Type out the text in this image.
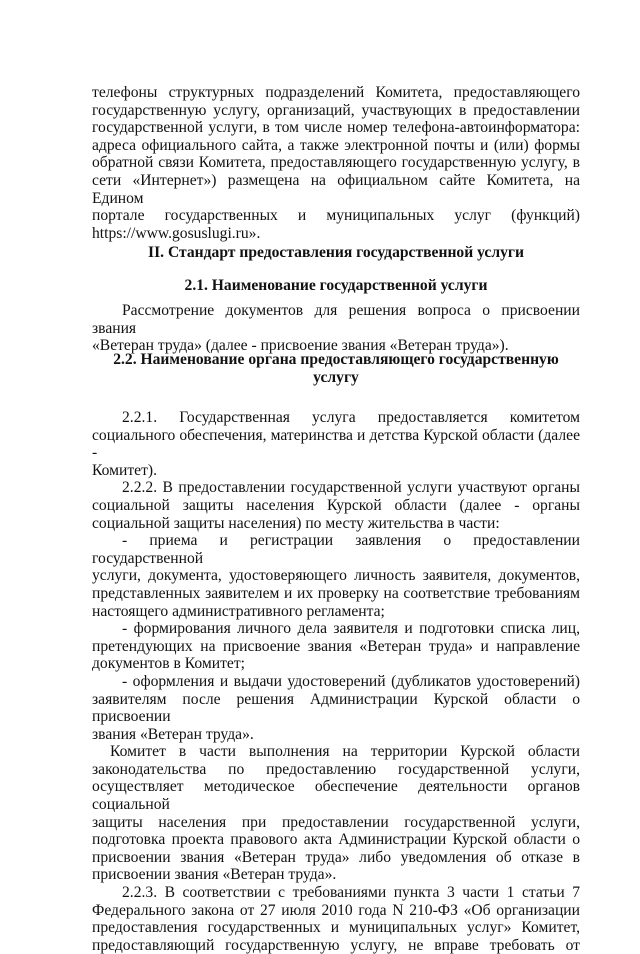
телефоны структурных подразделений Комитета, предоставляющего
государственную услугу, организаций, участвующих в предоставлении
государственной услуги, в том числе номер телефона-автоинформатора:
адреса официального сайта, а также электронной почты и (или) формы
обратной связи Комитета, предоставляющего государственную услугу, в
сети «Интернет») размещена на официальном сайте Комитета, на Едином
портале государственных и муниципальных услуг (функций)
https://www.gosuslugi.ru».
II. Стандарт предоставления государственной услуги
2.1. Наименование государственной услуги
Рассмотрение документов для решения вопроса о присвоении звания
«Ветеран труда» (далее - присвоение звания «Ветеран труда»).
2.2. Наименование органа предоставляющего государственную
услугу
2.2.1. Государственная услуга предоставляется комитетом
социального обеспечения, материнства и детства Курской области (далее -
Комитет).
2.2.2. В предоставлении государственной услуги участвуют органы
социальной защиты населения Курской области (далее - органы
социальной защиты населения) по месту жительства в части:
- приема и регистрации заявления о предоставлении государственной
услуги, документа, удостоверяющего личность заявителя, документов,
представленных заявителем и их проверку на соответствие требованиям
настоящего административного регламента;
- формирования личного дела заявителя и подготовки списка лиц,
претендующих на присвоение звания «Ветеран труда» и направление
документов в Комитет;
- оформления и выдачи удостоверений (дубликатов удостоверений)
заявителям после решения Администрации Курской области о присвоении
звания «Ветеран труда».
Комитет в части выполнения на территории Курской области
законодательства по предоставлению государственной услуги,
осуществляет методическое обеспечение деятельности органов социальной
защиты населения при предоставлении государственной услуги,
подготовка проекта правового акта Администрации Курской области о
присвоении звания «Ветеран труда» либо уведомления об отказе в
присвоении звания «Ветеран труда».
2.2.3. В соответствии с требованиями пункта 3 части 1 статьи 7
Федерального закона от 27 июля 2010 года N 210-ФЗ «Об организации
предоставления государственных и муниципальных услуг» Комитет,
предоставляющий государственную услугу, не вправе требовать от
